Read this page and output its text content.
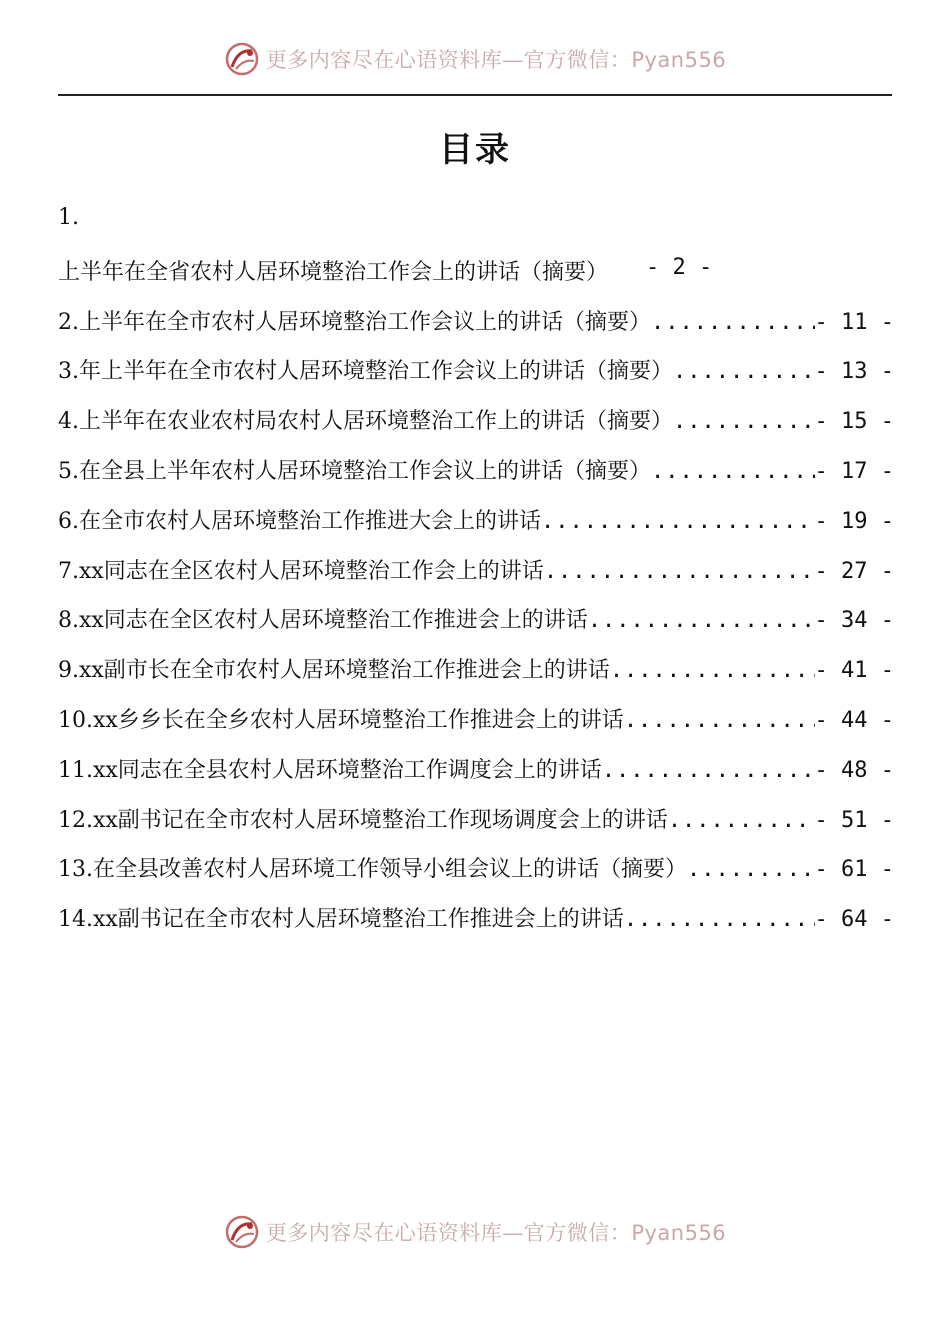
更多内容尽在心语资料库—官方微信：Pyan556
目录
1.
上半年在全省农村人居环境整治工作会上的讲话（摘要） - 2 -
2.上半年在全市农村人居环境整治工作会议上的讲话（摘要） .....	- 11 -
3.年上半年在全市农村人居环境整治工作会议上的讲话（摘要） .....	- 13 -
4.上半年在农业农村局农村人居环境整治工作上的讲话（摘要） .....	- 15 -
5.在全县上半年农村人居环境整治工作会议上的讲话（摘要） .....	- 17 -
6.在全市农村人居环境整治工作推进大会上的讲话 .....	- 19 -
7.xx同志在全区农村人居环境整治工作会上的讲话 .....	- 27 -
8.xx同志在全区农村人居环境整治工作推进会上的讲话 .....	- 34 -
9.xx副市长在全市农村人居环境整治工作推进会上的讲话 .....	- 41 -
10.xx乡乡长在全乡农村人居环境整治工作推进会上的讲话 .....	- 44 -
11.xx同志在全县农村人居环境整治工作调度会上的讲话 .....	- 48 -
12.xx副书记在全市农村人居环境整治工作现场调度会上的讲话 .....	- 51 -
13.在全县改善农村人居环境工作领导小组会议上的讲话（摘要） .....	- 61 -
14.xx副书记在全市农村人居环境整治工作推进会上的讲话 .....	- 64 -
更多内容尽在心语资料库—官方微信：Pyan556
